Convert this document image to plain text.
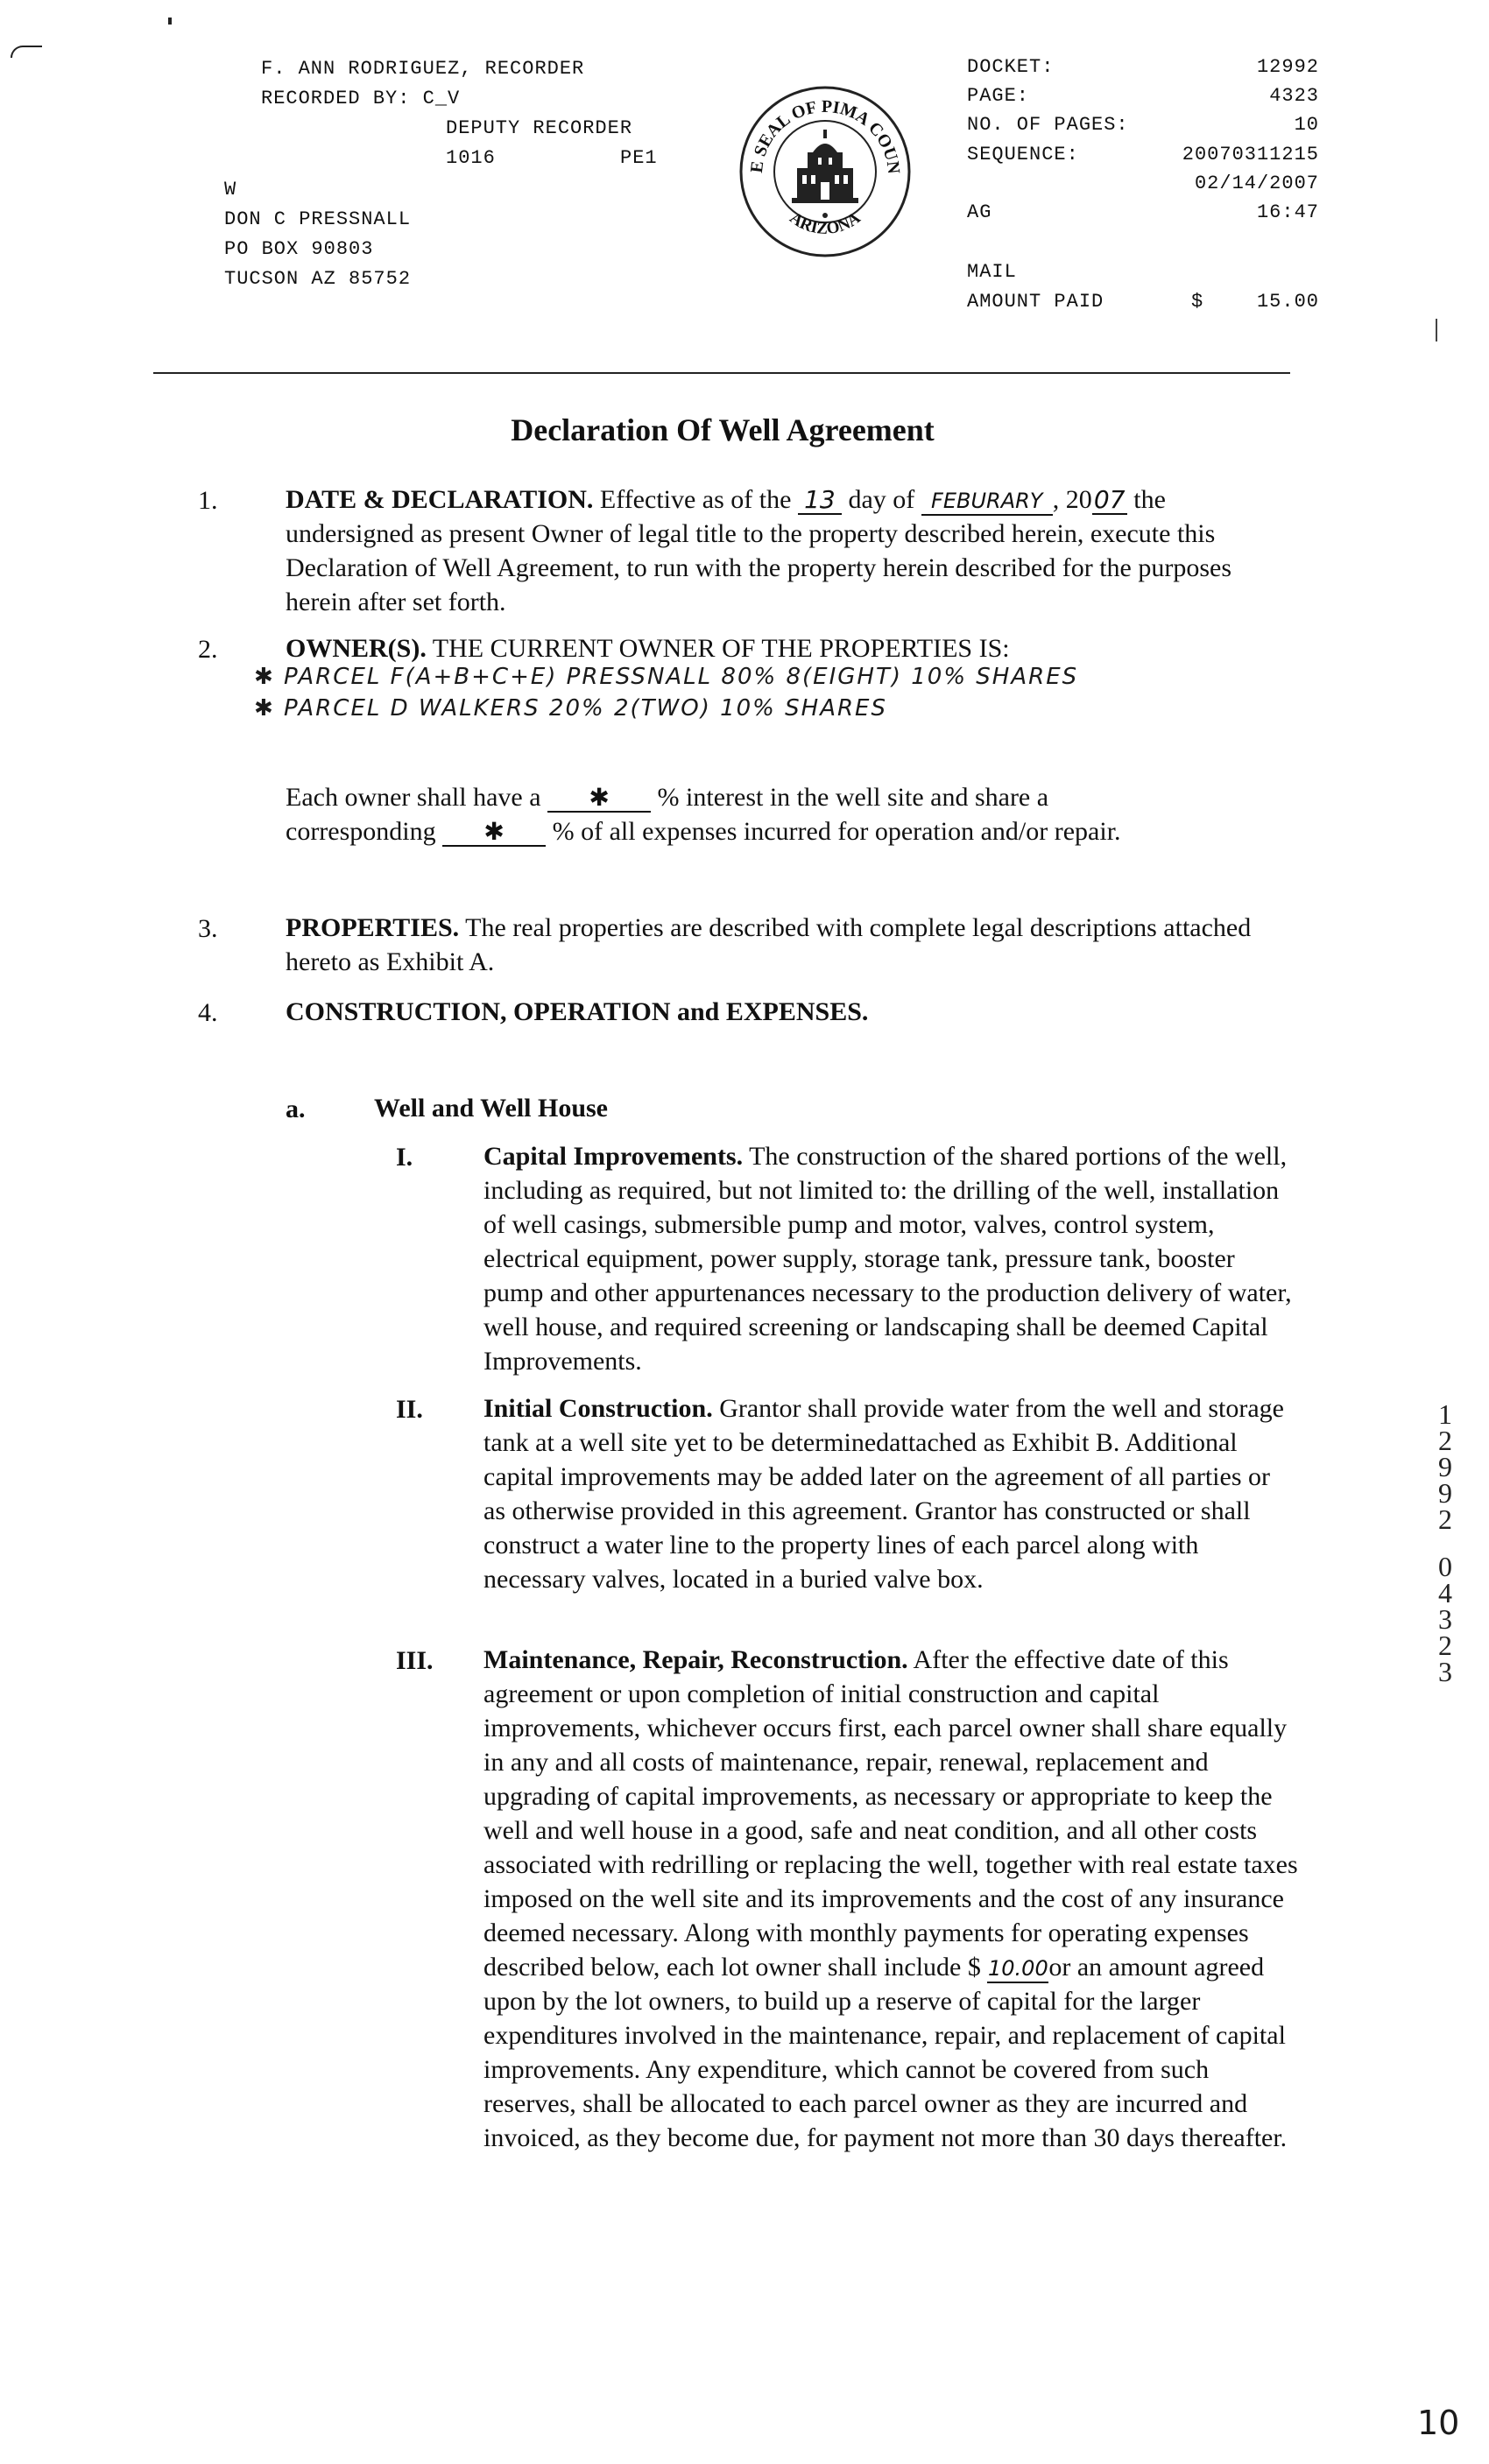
F. ANN RODRIGUEZ, RECORDER
RECORDED BY: C_V
DEPUTY RECORDER
1016	PE1
W
DON C PRESSNALL
PO BOX 90803
TUCSON AZ 85752
E SEAL OF PIMA COUN
ARIZONA
DOCKET:	12992
PAGE:	4323
NO. OF PAGES:	10
SEQUENCE:	20070311215
02/14/2007
AG	16:47
MAIL
AMOUNT PAID	$	15.00
Declaration Of Well Agreement
1.	DATE & DECLARATION. Effective as of the 13 day of FEBURARY , 2007 the undersigned as present Owner of legal title to the property described herein, execute this Declaration of Well Agreement, to run with the property herein described for the purposes herein after set forth.
2.	OWNER(S). THE CURRENT OWNER OF THE PROPERTIES IS:
✱ PARCEL F(A+B+C+E) PRESSNALL 80% 8(EIGHT) 10% SHARES
✱ PARCEL D WALKERS 20% 2(TWO) 10% SHARES
Each owner shall have a ✱ % interest in the well site and share a
corresponding ✱ % of all expenses incurred for operation and/or repair.
3.	PROPERTIES. The real properties are described with complete legal descriptions attached hereto as Exhibit A.
4.	CONSTRUCTION, OPERATION and EXPENSES.
a.	Well and Well House
I.	Capital Improvements. The construction of the shared portions of the well, including as required, but not limited to: the drilling of the well, installation of well casings, submersible pump and motor, valves, control system, electrical equipment, power supply, storage tank, pressure tank, booster pump and other appurtenances necessary to the production delivery of water, well house, and required screening or landscaping shall be deemed Capital Improvements.
II. Initial Construction. Grantor shall provide water from the well and storage tank at a well site yet to be determinedattached as Exhibit B. Additional capital improvements may be added later on the agreement of all parties or as otherwise provided in this agreement. Grantor has constructed or shall construct a water line to the property lines of each parcel along with necessary valves, located in a buried valve box.
III. Maintenance, Repair, Reconstruction. After the effective date of this agreement or upon completion of initial construction and capital improvements, whichever occurs first, each parcel owner shall share equally in any and all costs of maintenance, repair, renewal, replacement and upgrading of capital improvements, as necessary or appropriate to keep the well and well house in a good, safe and neat condition, and all other costs associated with redrilling or replacing the well, together with real estate taxes imposed on the well site and its improvements and the cost of any insurance deemed necessary. Along with monthly payments for operating expenses described below, each lot owner shall include $ 10.00or an amount agreed upon by the lot owners, to build up a reserve of capital for the larger expenditures involved in the maintenance, repair, and replacement of capital improvements. Any expenditure, which cannot be covered from such reserves, shall be allocated to each parcel owner as they are incurred and invoiced, as they become due, for payment not more than 30 days thereafter.
1
2
9
9
2

0
4
3
2
3
10
